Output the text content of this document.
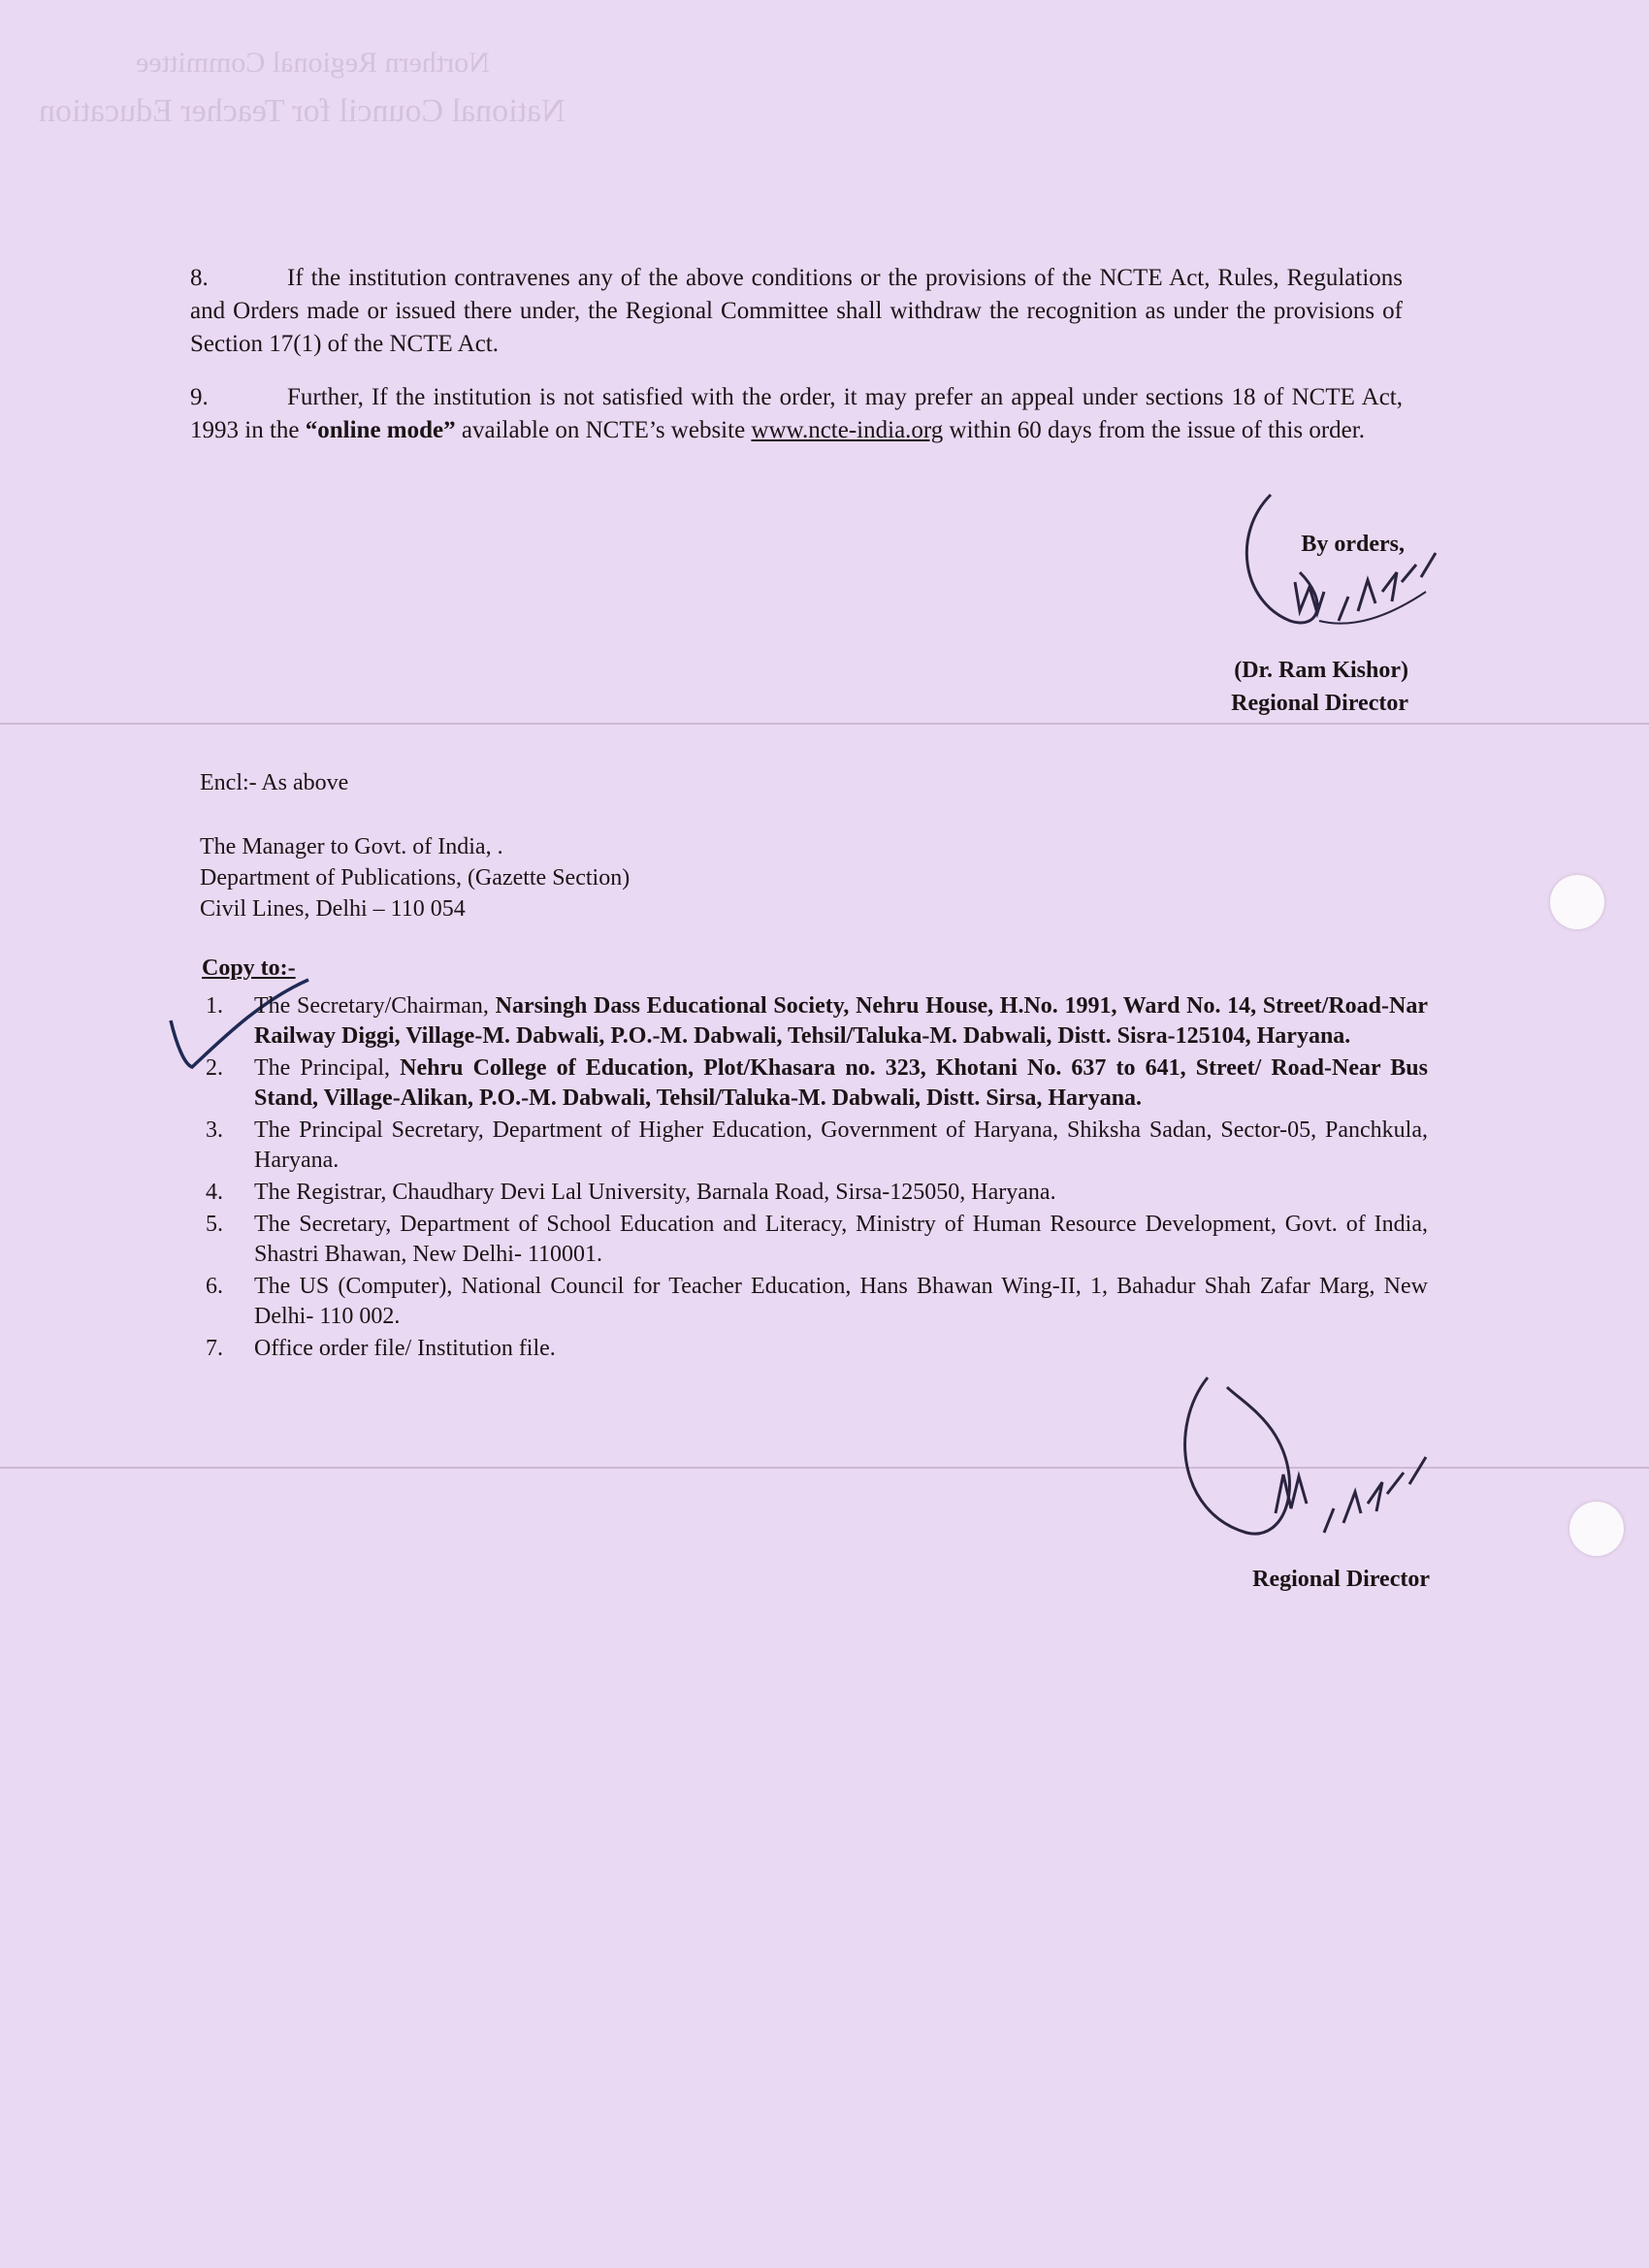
Northern Regional Committee
National Council for Teacher Education
8.	If the institution contravenes any of the above conditions or the provisions of the NCTE Act, Rules, Regulations and Orders made or issued there under, the Regional Committee shall withdraw the recognition as under the provisions of Section 17(1) of the NCTE Act.
9.	Further, If the institution is not satisfied with the order, it may prefer an appeal under sections 18 of NCTE Act, 1993 in the “online mode” available on NCTE’s website www.ncte-india.org within 60 days from the issue of this order.
By orders,
(Dr. Ram Kishor)
Regional Director
Encl:- As above
The Manager to Govt. of India, .
Department of Publications, (Gazette Section)
Civil Lines, Delhi – 110 054
Copy to:-
1. The Secretary/Chairman, Narsingh Dass Educational Society, Nehru House, H.No. 1991, Ward No. 14, Street/Road-Nar Railway Diggi, Village-M. Dabwali, P.O.-M. Dabwali, Tehsil/Taluka-M. Dabwali, Distt. Sisra-125104, Haryana.
2. The Principal, Nehru College of Education, Plot/Khasara no. 323, Khotani No. 637 to 641, Street/ Road-Near Bus Stand, Village-Alikan, P.O.-M. Dabwali, Tehsil/Taluka-M. Dabwali, Distt. Sirsa, Haryana.
3. The Principal Secretary, Department of Higher Education, Government of Haryana, Shiksha Sadan, Sector-05, Panchkula, Haryana.
4. The Registrar, Chaudhary Devi Lal University, Barnala Road, Sirsa-125050, Haryana.
5. The Secretary, Department of School Education and Literacy, Ministry of Human Resource Development, Govt. of India, Shastri Bhawan, New Delhi- 110001.
6. The US (Computer), National Council for Teacher Education, Hans Bhawan Wing-II, 1, Bahadur Shah Zafar Marg, New Delhi- 110 002.
7. Office order file/ Institution file.
Regional Director
